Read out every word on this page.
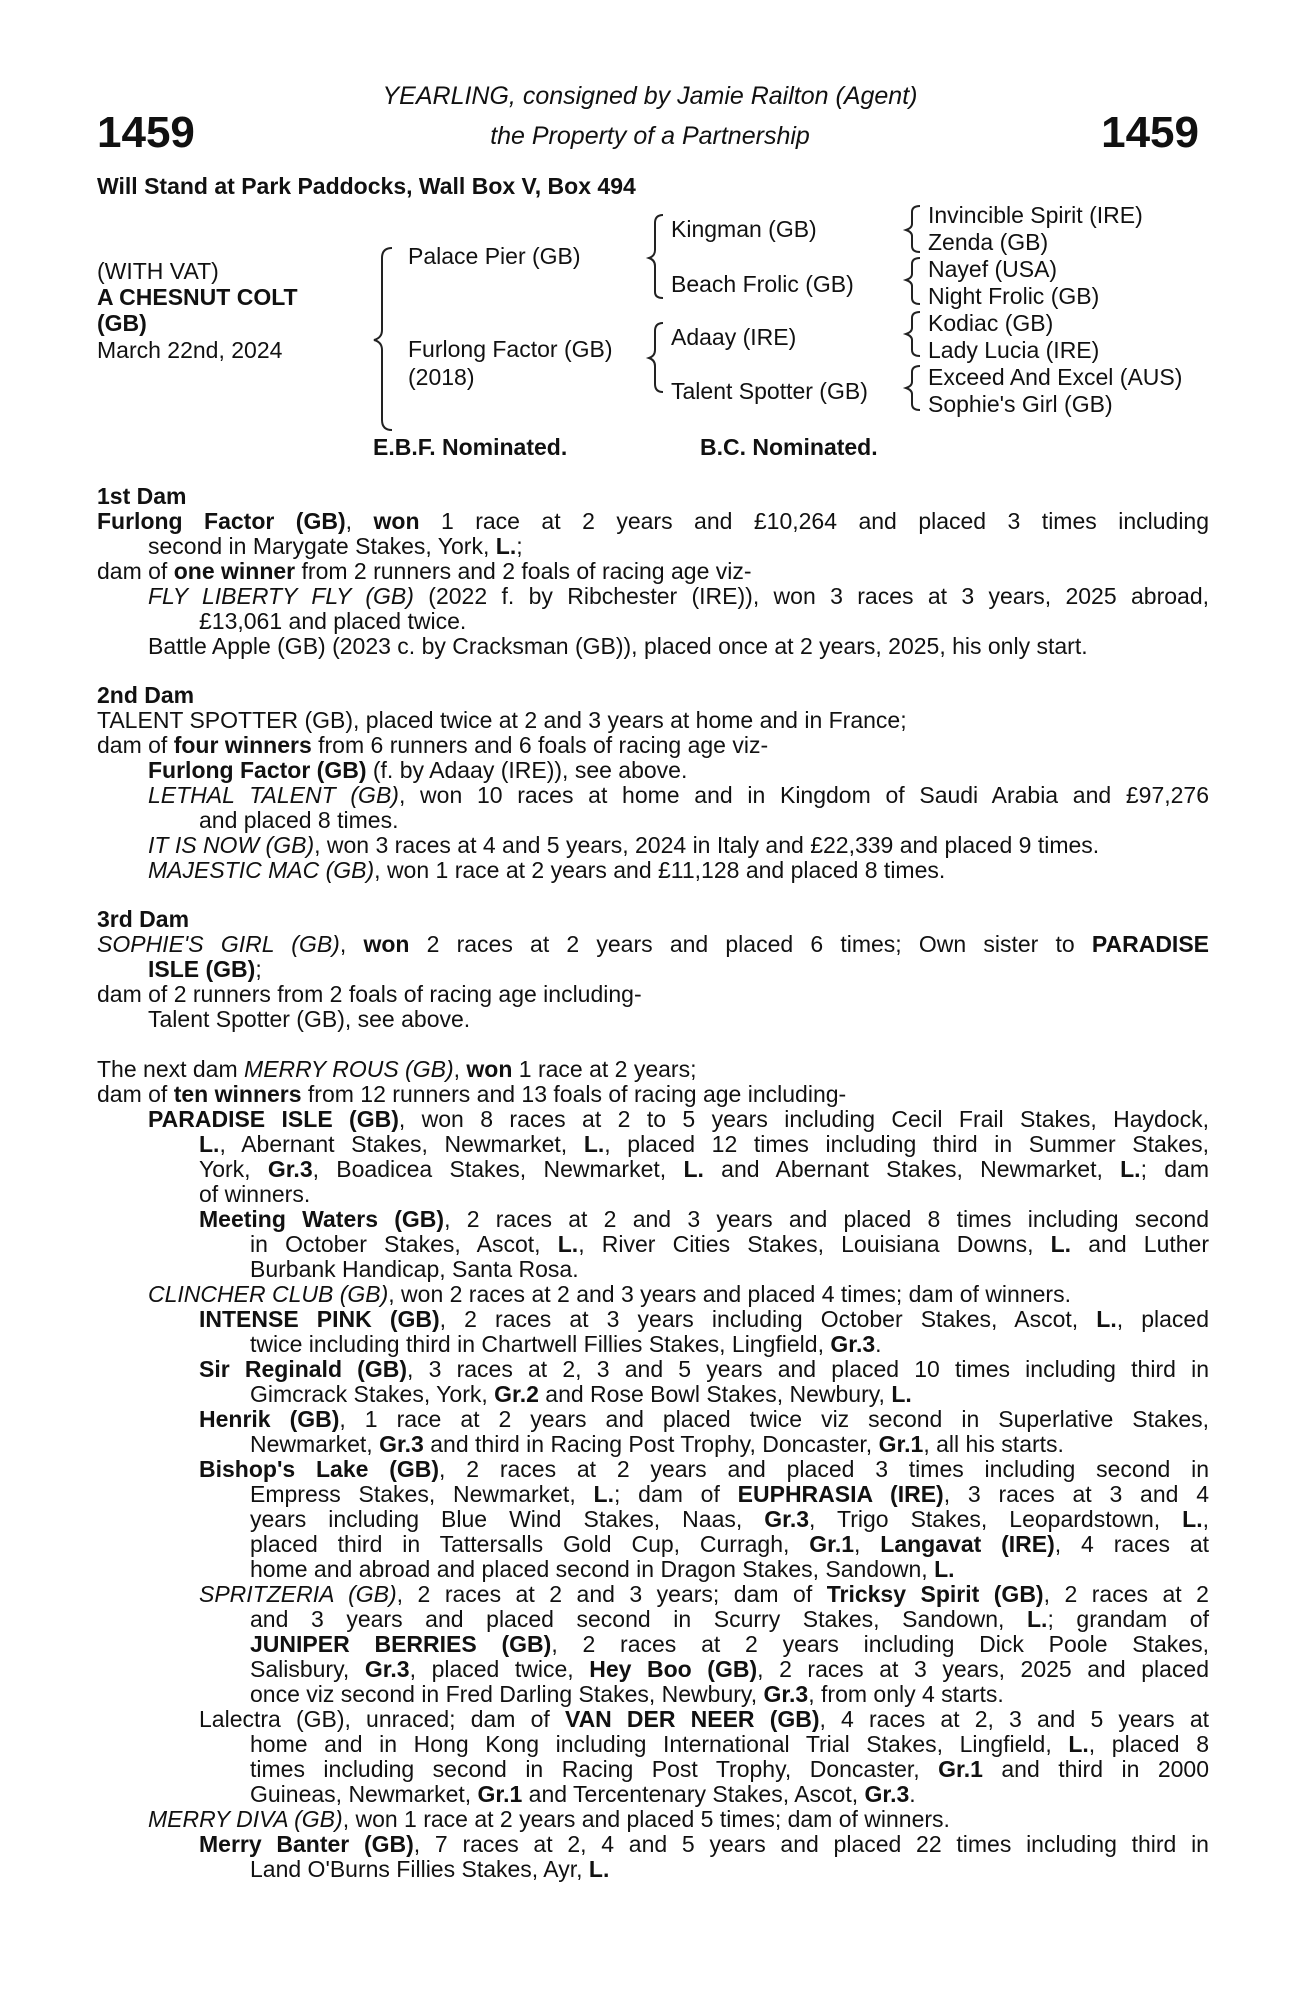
1459	1459
YEARLING, consigned by Jamie Railton (Agent)
the Property of a Partnership
Will Stand at Park Paddocks, Wall Box V, Box 494
(WITH VAT)
A CHESNUT COLT
(GB)
March 22nd, 2024
Palace Pier (GB)
Furlong Factor (GB)
(2018)
Kingman (GB)
Beach Frolic (GB)
Adaay (IRE)
Talent Spotter (GB)
Invincible Spirit (IRE)
Zenda (GB)
Nayef (USA)
Night Frolic (GB)
Kodiac (GB)
Lady Lucia (IRE)
Exceed And Excel (AUS)
Sophie's Girl (GB)
E.B.F. Nominated.	B.C. Nominated.
1st Dam
Furlong Factor (GB), won 1 race at 2 years and £10,264 and placed 3 times including
second in Marygate Stakes, York, L.;
dam of one winner from 2 runners and 2 foals of racing age viz-
FLY LIBERTY FLY (GB) (2022 f. by Ribchester (IRE)), won 3 races at 3 years, 2025 abroad,
£13,061 and placed twice.
Battle Apple (GB) (2023 c. by Cracksman (GB)), placed once at 2 years, 2025, his only start.
2nd Dam
TALENT SPOTTER (GB), placed twice at 2 and 3 years at home and in France;
dam of four winners from 6 runners and 6 foals of racing age viz-
Furlong Factor (GB) (f. by Adaay (IRE)), see above.
LETHAL TALENT (GB), won 10 races at home and in Kingdom of Saudi Arabia and £97,276
and placed 8 times.
IT IS NOW (GB), won 3 races at 4 and 5 years, 2024 in Italy and £22,339 and placed 9 times.
MAJESTIC MAC (GB), won 1 race at 2 years and £11,128 and placed 8 times.
3rd Dam
SOPHIE'S GIRL (GB), won 2 races at 2 years and placed 6 times; Own sister to PARADISE
ISLE (GB);
dam of 2 runners from 2 foals of racing age including-
Talent Spotter (GB), see above.
The next dam MERRY ROUS (GB), won 1 race at 2 years;
dam of ten winners from 12 runners and 13 foals of racing age including-
PARADISE ISLE (GB), won 8 races at 2 to 5 years including Cecil Frail Stakes, Haydock,
L., Abernant Stakes, Newmarket, L., placed 12 times including third in Summer Stakes,
York, Gr.3, Boadicea Stakes, Newmarket, L. and Abernant Stakes, Newmarket, L.; dam
of winners.
Meeting Waters (GB), 2 races at 2 and 3 years and placed 8 times including second
in October Stakes, Ascot, L., River Cities Stakes, Louisiana Downs, L. and Luther
Burbank Handicap, Santa Rosa.
CLINCHER CLUB (GB), won 2 races at 2 and 3 years and placed 4 times; dam of winners.
INTENSE PINK (GB), 2 races at 3 years including October Stakes, Ascot, L., placed
twice including third in Chartwell Fillies Stakes, Lingfield, Gr.3.
Sir Reginald (GB), 3 races at 2, 3 and 5 years and placed 10 times including third in
Gimcrack Stakes, York, Gr.2 and Rose Bowl Stakes, Newbury, L.
Henrik (GB), 1 race at 2 years and placed twice viz second in Superlative Stakes,
Newmarket, Gr.3 and third in Racing Post Trophy, Doncaster, Gr.1, all his starts.
Bishop's Lake (GB), 2 races at 2 years and placed 3 times including second in
Empress Stakes, Newmarket, L.; dam of EUPHRASIA (IRE), 3 races at 3 and 4
years including Blue Wind Stakes, Naas, Gr.3, Trigo Stakes, Leopardstown, L.,
placed third in Tattersalls Gold Cup, Curragh, Gr.1, Langavat (IRE), 4 races at
home and abroad and placed second in Dragon Stakes, Sandown, L.
SPRITZERIA (GB), 2 races at 2 and 3 years; dam of Tricksy Spirit (GB), 2 races at 2
and 3 years and placed second in Scurry Stakes, Sandown, L.; grandam of
JUNIPER BERRIES (GB), 2 races at 2 years including Dick Poole Stakes,
Salisbury, Gr.3, placed twice, Hey Boo (GB), 2 races at 3 years, 2025 and placed
once viz second in Fred Darling Stakes, Newbury, Gr.3, from only 4 starts.
Lalectra (GB), unraced; dam of VAN DER NEER (GB), 4 races at 2, 3 and 5 years at
home and in Hong Kong including International Trial Stakes, Lingfield, L., placed 8
times including second in Racing Post Trophy, Doncaster, Gr.1 and third in 2000
Guineas, Newmarket, Gr.1 and Tercentenary Stakes, Ascot, Gr.3.
MERRY DIVA (GB), won 1 race at 2 years and placed 5 times; dam of winners.
Merry Banter (GB), 7 races at 2, 4 and 5 years and placed 22 times including third in
Land O'Burns Fillies Stakes, Ayr, L.
